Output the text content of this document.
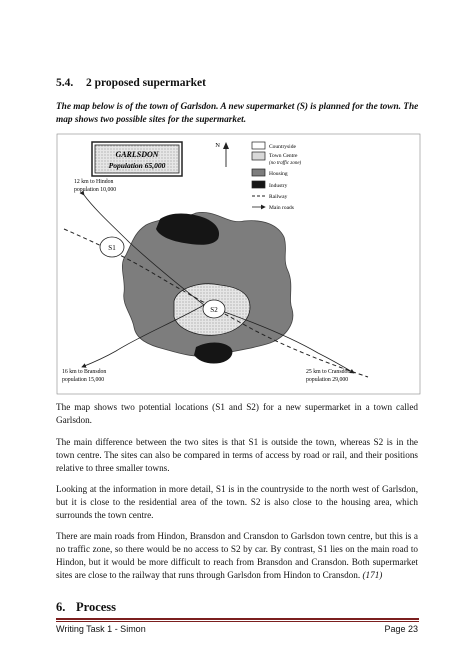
5.4. 2 proposed supermarket
The map below is of the town of Garlsdon. A new supermarket (S) is planned for the town. The map shows two possible sites for the supermarket.
GARLSDON
Population 65,000
N	Countryside
Town Centre
(no traffic zone)
Housing
Industry
Railway
Main roads
S1
S2
12 km to Hindon
population 10,000
16 km to Bransdon
population 15,000
25 km to Cransdon
population 29,000

The map shows two potential locations (S1 and S2) for a new supermarket in a town called Garlsdon.

The main difference between the two sites is that S1 is outside the town, whereas S2 is in the town centre. The sites can also be compared in terms of access by road or rail, and their positions relative to three smaller towns.

Looking at the information in more detail, S1 is in the countryside to the north west of Garlsdon, but it is close to the residential area of the town. S2 is also close to the housing area, which surrounds the town centre.

There are main roads from Hindon, Bransdon and Cransdon to Garlsdon town centre, but this is a no traffic zone, so there would be no access to S2 by car. By contrast, S1 lies on the main road to Hindon, but it would be more difficult to reach from Bransdon and Cransdon. Both supermarket sites are close to the railway that runs through Garlsdon from Hindon to Cransdon. (171)

6. Process
Writing Task 1 - Simon	Page 23
